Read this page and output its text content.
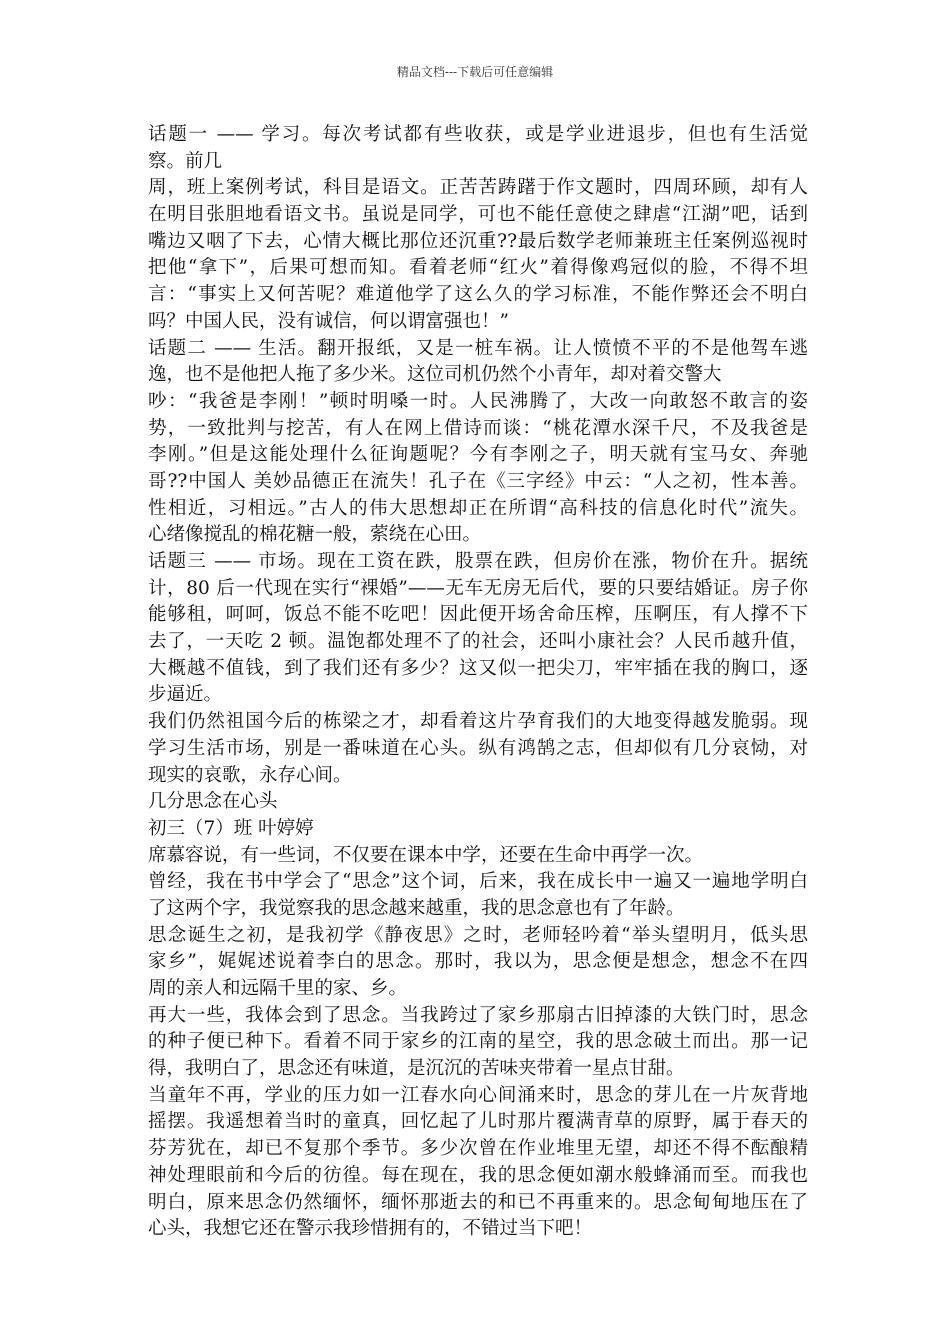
精品文档---下载后可任意编辑
话题一 —— 学习。每次考试都有些收获，或是学业进退步，但也有生活觉
察。前几
周，班上案例考试，科目是语文。正苦苦踌躇于作文题时，四周环顾，却有人
在明目张胆地看语文书。虽说是同学，可也不能任意使之肆虐“江湖”吧，话到
嘴边又咽了下去，心情大概比那位还沉重??最后数学老师兼班主任案例巡视时
把他“拿下”，后果可想而知。看着老师“红火”着得像鸡冠似的脸，不得不坦
言：“事实上又何苦呢？难道他学了这么久的学习标准，不能作弊还会不明白
吗？中国人民，没有诚信，何以谓富强也！”
话题二 —— 生活。翻开报纸，又是一桩车祸。让人愤愤不平的不是他驾车逃
逸，也不是他把人拖了多少米。这位司机仍然个小青年，却对着交警大
吵：“我爸是李刚！”顿时明嗓一时。人民沸腾了，大改一向敢怒不敢言的姿
势，一致批判与挖苦，有人在网上借诗而谈：“桃花潭水深千尺，不及我爸是
李刚。”但是这能处理什么征询题呢？今有李刚之子，明天就有宝马女、奔驰
哥??中国人 美妙品德正在流失！孔子在《三字经》中云：“人之初，性本善。
性相近，习相远。”古人的伟大思想却正在所谓“高科技的信息化时代”流失。
心绪像搅乱的棉花糖一般，萦绕在心田。
话题三 —— 市场。现在工资在跌，股票在跌，但房价在涨，物价在升。据统
计，80 后一代现在实行“裸婚”——无车无房无后代，要的只要结婚证。房子你
能够租，呵呵，饭总不能不吃吧！因此便开场舍命压榨，压啊压，有人撑不下
去了，一天吃 2 顿。温饱都处理不了的社会，还叫小康社会？人民币越升值，
大概越不值钱，到了我们还有多少？这又似一把尖刀，牢牢插在我的胸口，逐
步逼近。
我们仍然祖国今后的栋梁之才，却看着这片孕育我们的大地变得越发脆弱。现
学习生活市场，别是一番味道在心头。纵有鸿鹄之志，但却似有几分哀恸，对
现实的哀歌，永存心间。
几分思念在心头
初三（7）班 叶婷婷
席慕容说，有一些词，不仅要在课本中学，还要在生命中再学一次。
曾经，我在书中学会了“思念”这个词，后来，我在成长中一遍又一遍地学明白
了这两个字，我觉察我的思念越来越重，我的思念意也有了年龄。
思念诞生之初，是我初学《静夜思》之时，老师轻吟着“举头望明月，低头思
家乡”，娓娓述说着李白的思念。那时，我以为，思念便是想念，想念不在四
周的亲人和远隔千里的家、乡。
再大一些，我体会到了思念。当我跨过了家乡那扇古旧掉漆的大铁门时，思念
的种子便已种下。看着不同于家乡的江南的星空，我的思念破土而出。那一记
得，我明白了，思念还有味道，是沉沉的苦味夹带着一星点甘甜。
当童年不再，学业的压力如一江春水向心间涌来时，思念的芽儿在一片灰背地
摇摆。我遥想着当时的童真，回忆起了儿时那片覆满青草的原野，属于春天的
芬芳犹在，却已不复那个季节。多少次曾在作业堆里无望，却还不得不酝酿精
神处理眼前和今后的彷徨。每在现在，我的思念便如潮水般蜂涌而至。而我也
明白，原来思念仍然缅怀，缅怀那逝去的和已不再重来的。思念甸甸地压在了
心头，我想它还在警示我珍惜拥有的，不错过当下吧！
